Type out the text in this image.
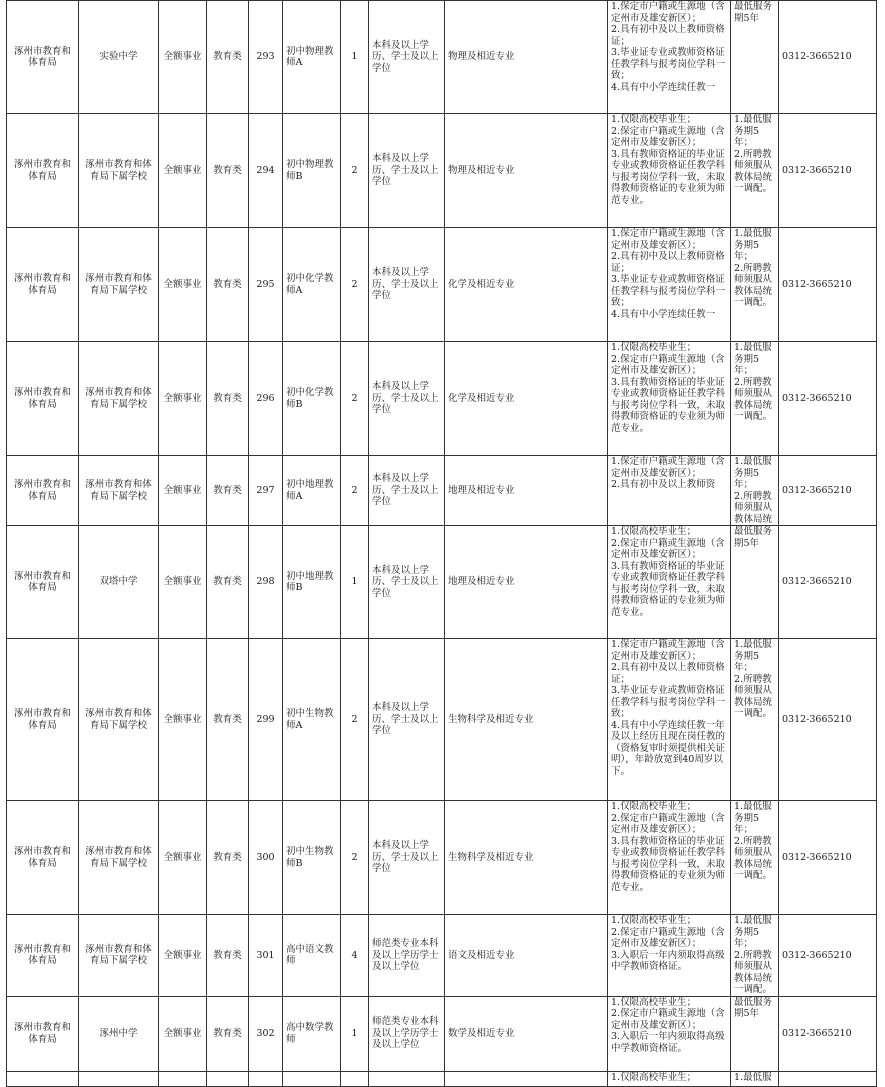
涿州市教育和体育局	实验中学	全额事业	教育类	293	初中物理教师A	1	本科及以上学历、学士及以上学位	物理及相近专业	1.保定市户籍或生源地（含定州市及雄安新区）；
2.具有初中及以上教师资格证；
3.毕业证专业或教师资格证任教学科与报考岗位学科一致；
4.具有中小学连续任教一	最低服务期5年	0312-3665210
涿州市教育和体育局	涿州市教育和体育局下属学校	全额事业	教育类	294	初中物理教师B	2	本科及以上学历、学士及以上学位	物理及相近专业	1.仅限高校毕业生；
2.保定市户籍或生源地（含定州市及雄安新区）；
3.具有教师资格证的毕业证专业或教师资格证任教学科与报考岗位学科一致，未取得教师资格证的专业须为师范专业。	1.最低服务期5年；
2.所聘教师须服从教体局统一调配。	0312-3665210
涿州市教育和体育局	涿州市教育和体育局下属学校	全额事业	教育类	295	初中化学教师A	2	本科及以上学历、学士及以上学位	化学及相近专业	1.保定市户籍或生源地（含定州市及雄安新区）；
2.具有初中及以上教师资格证；
3.毕业证专业或教师资格证任教学科与报考岗位学科一致；
4.具有中小学连续任教一	1.最低服务期5年；
2.所聘教师须服从教体局统一调配。	0312-3665210
涿州市教育和体育局	涿州市教育和体育局下属学校	全额事业	教育类	296	初中化学教师B	2	本科及以上学历、学士及以上学位	化学及相近专业	1.仅限高校毕业生；
2.保定市户籍或生源地（含定州市及雄安新区）；
3.具有教师资格证的毕业证专业或教师资格证任教学科与报考岗位学科一致，未取得教师资格证的专业须为师范专业。	1.最低服务期5年；
2.所聘教师须服从教体局统一调配。	0312-3665210
涿州市教育和体育局	涿州市教育和体育局下属学校	全额事业	教育类	297	初中地理教师A	2	本科及以上学历、学士及以上学位	地理及相近专业	1.保定市户籍或生源地（含定州市及雄安新区）；
2.具有初中及以上教师资	1.最低服务期5年；
2.所聘教师须服从教体局统	0312-3665210
涿州市教育和体育局	双塔中学	全额事业	教育类	298	初中地理教师B	1	本科及以上学历、学士及以上学位	地理及相近专业	1.仅限高校毕业生；
2.保定市户籍或生源地（含定州市及雄安新区）；
3.具有教师资格证的毕业证专业或教师资格证任教学科与报考岗位学科一致，未取得教师资格证的专业须为师范专业。	最低服务期5年	0312-3665210
涿州市教育和体育局	涿州市教育和体育局下属学校	全额事业	教育类	299	初中生物教师A	2	本科及以上学历、学士及以上学位	生物科学及相近专业	1.保定市户籍或生源地（含定州市及雄安新区）；
2.具有初中及以上教师资格证；
3.毕业证专业或教师资格证任教学科与报考岗位学科一致；
4.具有中小学连续任教一年及以上经历且现在岗任教的（资格复审时须提供相关证明），年龄放宽到40周岁以下。	1.最低服务期5年；
2.所聘教师须服从教体局统一调配。	0312-3665210
涿州市教育和体育局	涿州市教育和体育局下属学校	全额事业	教育类	300	初中生物教师B	2	本科及以上学历、学士及以上学位	生物科学及相近专业	1.仅限高校毕业生；
2.保定市户籍或生源地（含定州市及雄安新区）；
3.具有教师资格证的毕业证专业或教师资格证任教学科与报考岗位学科一致，未取得教师资格证的专业须为师范专业。	1.最低服务期5年；
2.所聘教师须服从教体局统一调配。	0312-3665210
涿州市教育和体育局	涿州市教育和体育局下属学校	全额事业	教育类	301	高中语文教师	4	师范类专业本科及以上学历学士及以上学位	语文及相近专业	1.仅限高校毕业生；
2.保定市户籍或生源地（含定州市及雄安新区）；
3.入职后一年内须取得高级中学教师资格证。	1.最低服务期5年；
2.所聘教师须服从教体局统一调配。	0312-3665210
涿州市教育和体育局	涿州中学	全额事业	教育类	302	高中数学教师	1	师范类专业本科及以上学历学士及以上学位	数学及相近专业	1.仅限高校毕业生；
2.保定市户籍或生源地（含定州市及雄安新区）；
3.入职后一年内须取得高级中学教师资格证。	最低服务期5年	0312-3665210
									1.仅限高校毕业生；	1.最低服	
